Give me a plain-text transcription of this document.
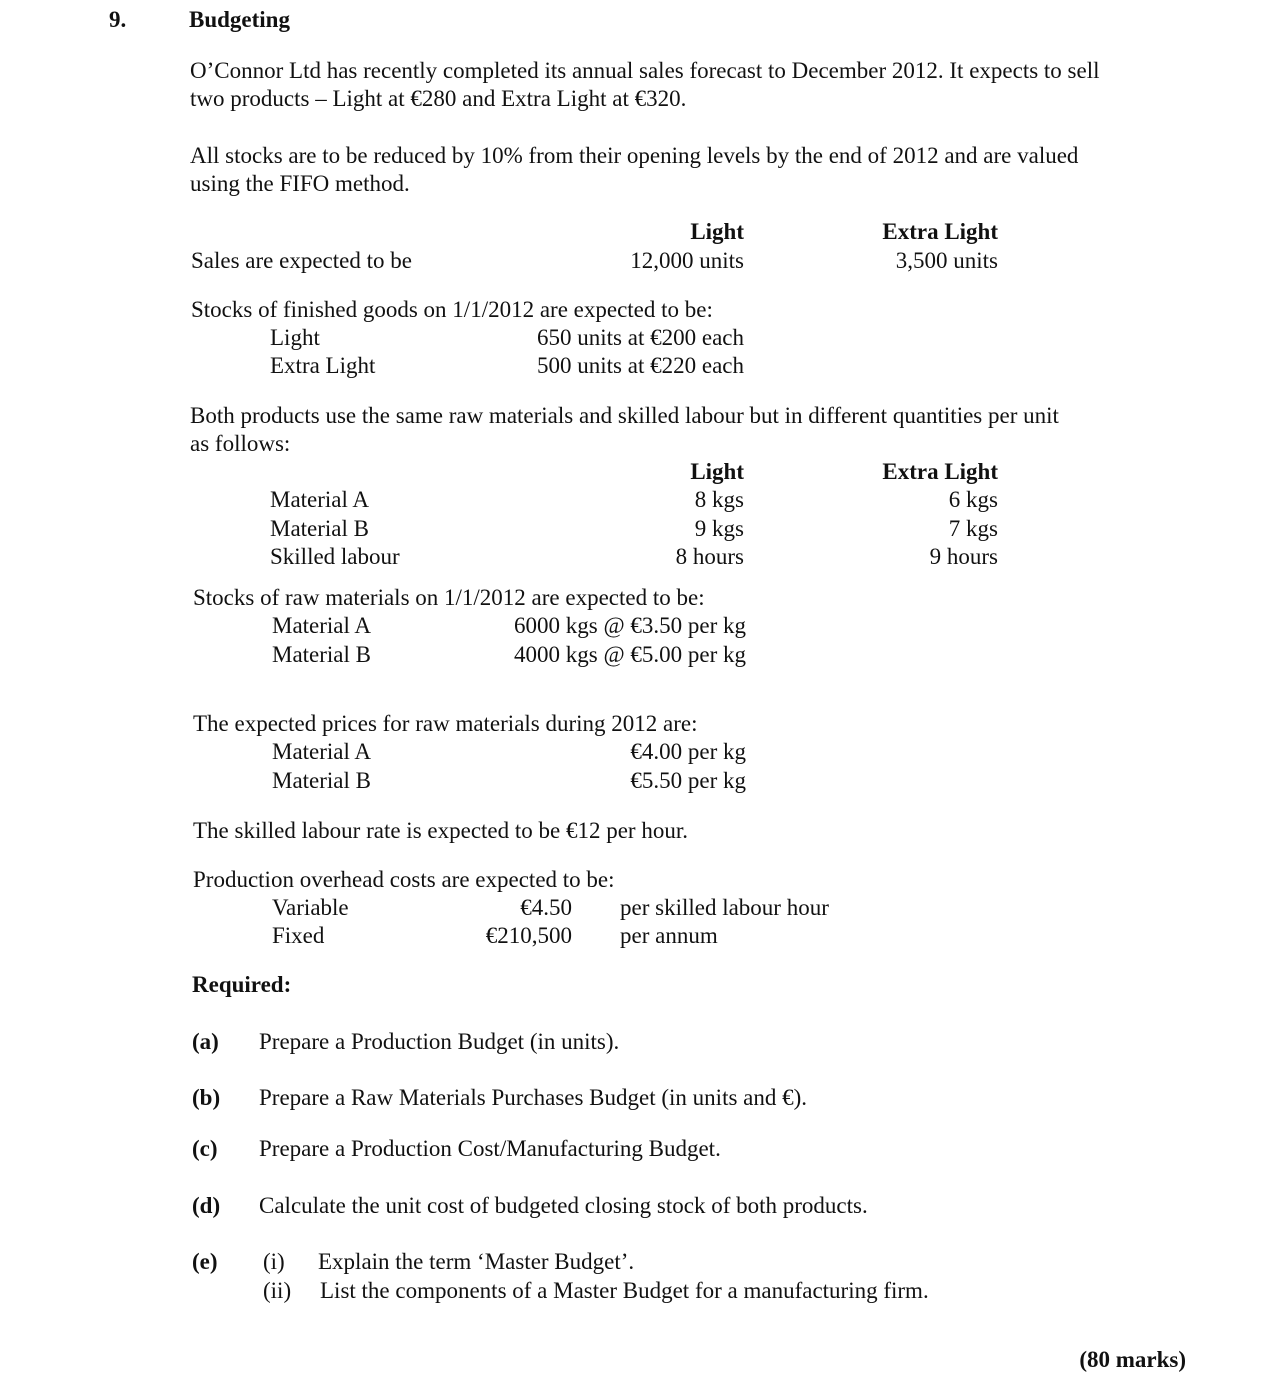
9.	Budgeting
O’Connor Ltd has recently completed its annual sales forecast to December 2012. It expects to sell
two products – Light at €280 and Extra Light at €320.
All stocks are to be reduced by 10% from their opening levels by the end of 2012 and are valued
using the FIFO method.
Light	Extra Light
Sales are expected to be	12,000 units	3,500 units
Stocks of finished goods on 1/1/2012 are expected to be:
Light	650 units at €200 each
Extra Light	500 units at €220 each
Both products use the same raw materials and skilled labour but in different quantities per unit
as follows:
Light	Extra Light
Material A	8 kgs	6 kgs
Material B	9 kgs	7 kgs
Skilled labour	8 hours	9 hours
Stocks of raw materials on 1/1/2012 are expected to be:
Material A	6000 kgs @ €3.50 per kg
Material B	4000 kgs @ €5.00 per kg
The expected prices for raw materials during 2012 are:
Material A	€4.00 per kg
Material B	€5.50 per kg
The skilled labour rate is expected to be €12 per hour.
Production overhead costs are expected to be:
Variable	€4.50 per skilled labour hour
Fixed	€210,500 per annum
Required:
(a) Prepare a Production Budget (in units).
(b) Prepare a Raw Materials Purchases Budget (in units and €).
(c) Prepare a Production Cost/Manufacturing Budget.
(d) Calculate the unit cost of budgeted closing stock of both products.
(e) (i) Explain the term ‘Master Budget’.
(ii) List the components of a Master Budget for a manufacturing firm.
(80 marks)
